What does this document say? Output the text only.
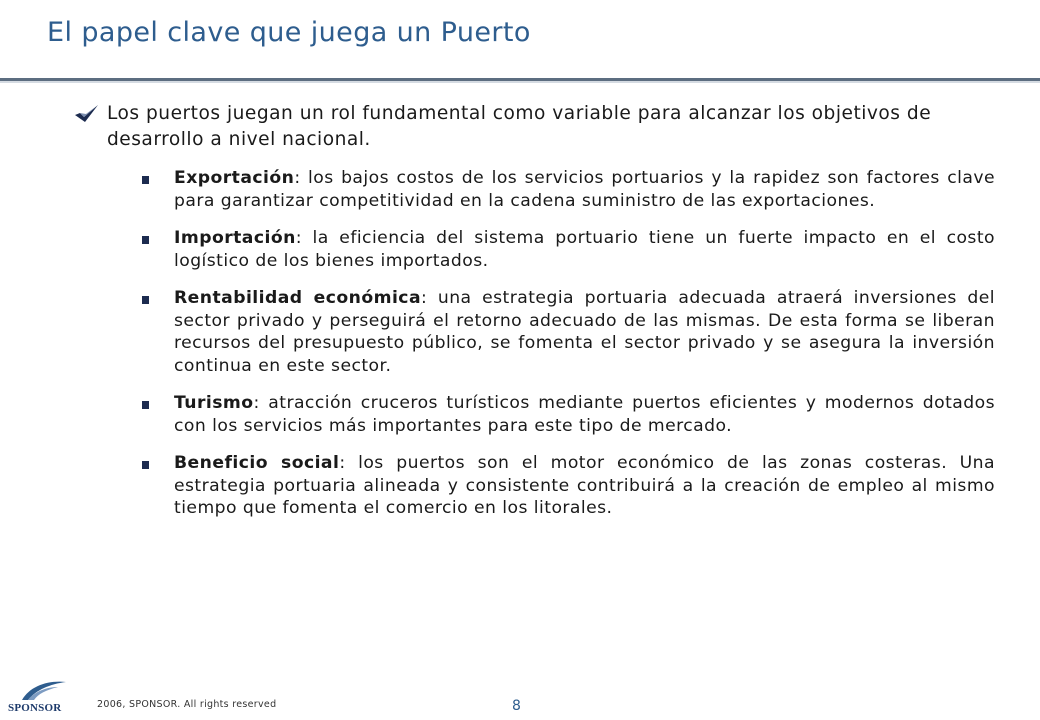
El papel clave que juega un Puerto

Los puertos juegan un rol fundamental como variable para alcanzar los objetivos de desarrollo a nivel nacional.

Exportación: los bajos costos de los servicios portuarios y la rapidez son factores clave para garantizar competitividad en la cadena suministro de las exportaciones.
Importación: la eficiencia del sistema portuario tiene un fuerte impacto en el costo logístico de los bienes importados.
Rentabilidad económica: una estrategia portuaria adecuada atraerá inversiones del sector privado y perseguirá el retorno adecuado de las mismas. De esta forma se liberan recursos del presupuesto público, se fomenta el sector privado y se asegura la inversión continua en este sector.
Turismo: atracción cruceros turísticos mediante puertos eficientes y modernos dotados con los servicios más importantes para este tipo de mercado.
Beneficio social: los puertos son el motor económico de las zonas costeras. Una estrategia portuaria alineada y consistente contribuirá a la creación de empleo al mismo tiempo que fomenta el comercio en los litorales.
SPONSOR	2006, SPONSOR. All rights reserved	8
